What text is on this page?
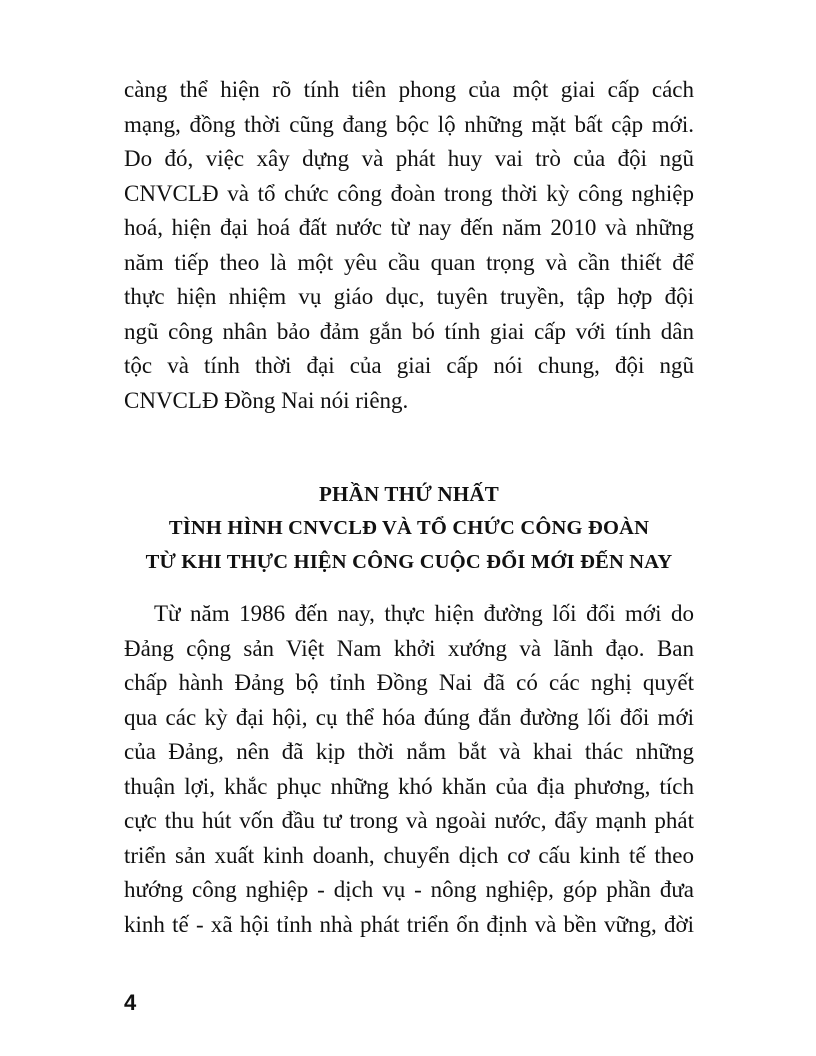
càng thể hiện rõ tính tiên phong của một giai cấp cách
mạng, đồng thời cũng đang bộc lộ những mặt bất cập mới.
Do đó, việc xây dựng và phát huy vai trò của đội ngũ
CNVCLĐ và tổ chức công đoàn trong thời kỳ công nghiệp
hoá, hiện đại hoá đất nước từ nay đến năm 2010 và những
năm tiếp theo là một yêu cầu quan trọng và cần thiết để
thực hiện nhiệm vụ giáo dục, tuyên truyền, tập hợp đội
ngũ công nhân bảo đảm gắn bó tính giai cấp với tính dân
tộc và tính thời đại của giai cấp nói chung, đội ngũ
CNVCLĐ Đồng Nai nói riêng.
PHẦN THỨ NHẤT
TÌNH HÌNH CNVCLĐ VÀ TỔ CHỨC CÔNG ĐOÀN
TỪ KHI THỰC HIỆN CÔNG CUỘC ĐỔI MỚI ĐẾN NAY
Từ năm 1986 đến nay, thực hiện đường lối đổi mới do
Đảng cộng sản Việt Nam khởi xướng và lãnh đạo. Ban
chấp hành Đảng bộ tỉnh Đồng Nai đã có các nghị quyết
qua các kỳ đại hội, cụ thể hóa đúng đắn đường lối đổi mới
của Đảng, nên đã kịp thời nắm bắt và khai thác những
thuận lợi, khắc phục những khó khăn của địa phương, tích
cực thu hút vốn đầu tư trong và ngoài nước, đẩy mạnh phát
triển sản xuất kinh doanh, chuyển dịch cơ cấu kinh tế theo
hướng công nghiệp - dịch vụ - nông nghiệp, góp phần đưa
kinh tế - xã hội tỉnh nhà phát triển ổn định và bền vững, đời
4
